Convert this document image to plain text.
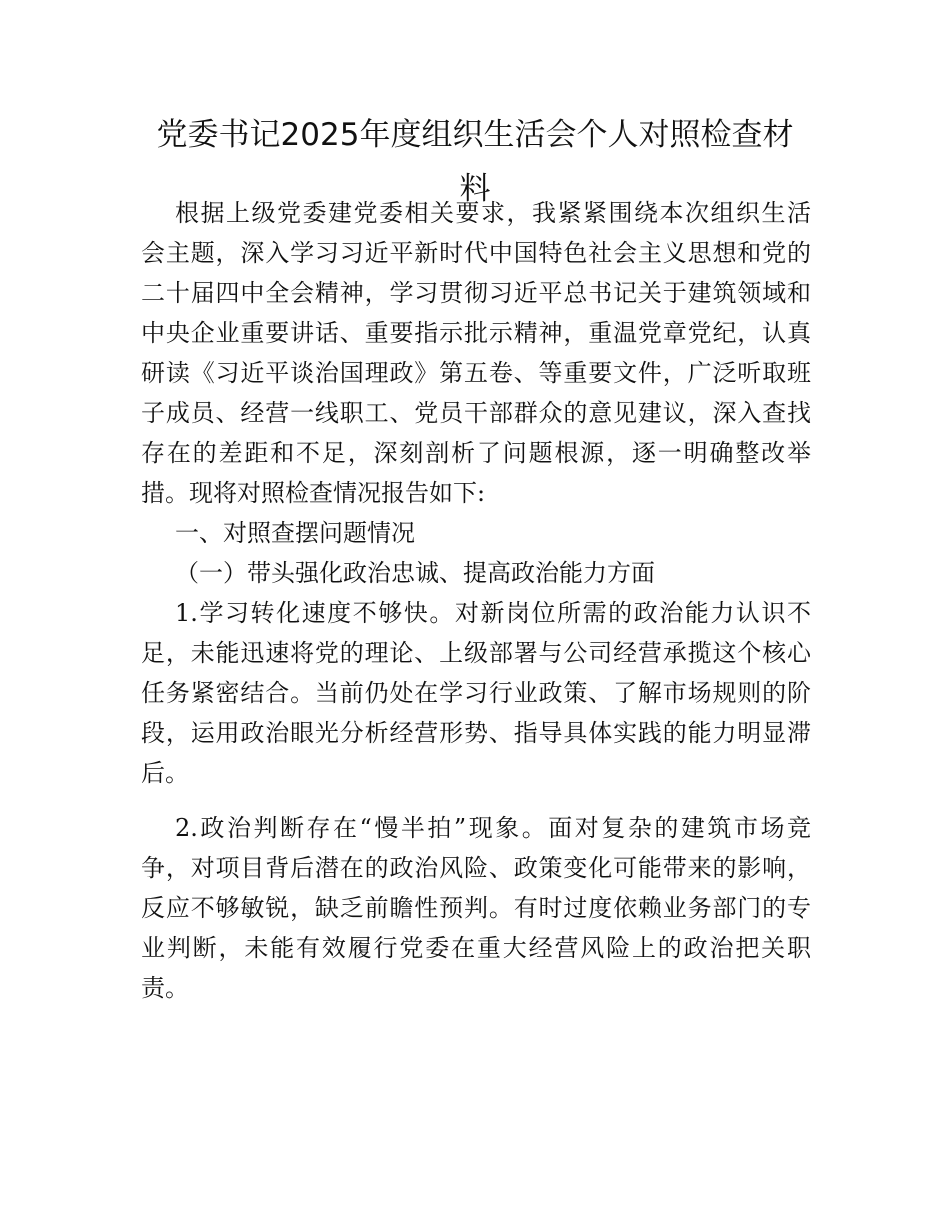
党委书记2025年度组织生活会个人对照检查材
料
根据上级党委建党委相关要求，我紧紧围绕本次组织生活
会主题，深入学习习近平新时代中国特色社会主义思想和党的
二十届四中全会精神，学习贯彻习近平总书记关于建筑领域和
中央企业重要讲话、重要指示批示精神，重温党章党纪，认真
研读《习近平谈治国理政》第五卷、等重要文件，广泛听取班
子成员、经营一线职工、党员干部群众的意见建议，深入查找
存在的差距和不足，深刻剖析了问题根源，逐一明确整改举
措。现将对照检查情况报告如下:
一、对照查摆问题情况
（一）带头强化政治忠诚、提高政治能力方面
1.学习转化速度不够快。对新岗位所需的政治能力认识不
足，未能迅速将党的理论、上级部署与公司经营承揽这个核心
任务紧密结合。当前仍处在学习行业政策、了解市场规则的阶
段，运用政治眼光分析经营形势、指导具体实践的能力明显滞
后。
2.政治判断存在“慢半拍”现象。面对复杂的建筑市场竞
争，对项目背后潜在的政治风险、政策变化可能带来的影响，
反应不够敏锐，缺乏前瞻性预判。有时过度依赖业务部门的专
业判断，未能有效履行党委在重大经营风险上的政治把关职
责。
